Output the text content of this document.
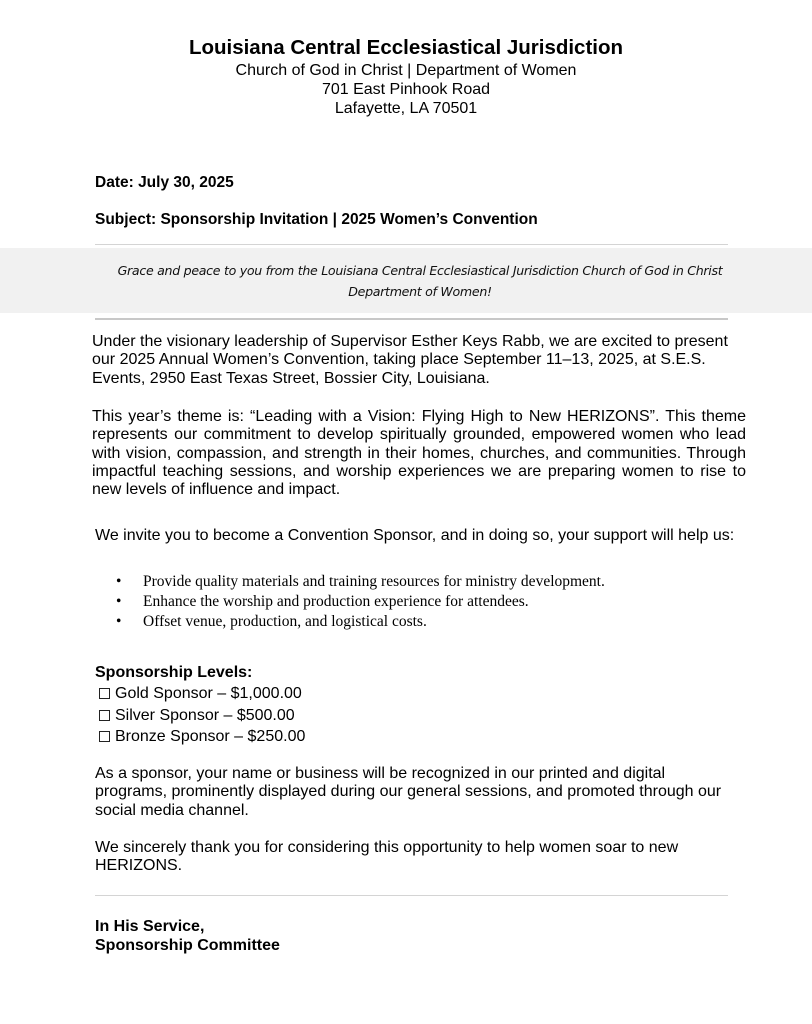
Louisiana Central Ecclesiastical Jurisdiction
Church of God in Christ | Department of Women
701 East Pinhook Road
Lafayette, LA 70501
Date: July 30, 2025
Subject: Sponsorship Invitation | 2025 Women’s Convention
Grace and peace to you from the Louisiana Central Ecclesiastical Jurisdiction Church of God in Christ Department of Women!
Under the visionary leadership of Supervisor Esther Keys Rabb, we are excited to present our 2025 Annual Women’s Convention, taking place September 11–13, 2025, at S.E.S. Events, 2950 East Texas Street, Bossier City, Louisiana.
This year’s theme is: “Leading with a Vision: Flying High to New HERIZONS”. This theme represents our commitment to develop spiritually grounded, empowered women who lead with vision, compassion, and strength in their homes, churches, and communities. Through impactful teaching sessions, and worship experiences we are preparing women to rise to new levels of influence and impact.
We invite you to become a Convention Sponsor, and in doing so, your support will help us:
• Provide quality materials and training resources for ministry development.
• Enhance the worship and production experience for attendees.
• Offset venue, production, and logistical costs.
Sponsorship Levels:
Gold Sponsor – $1,000.00
Silver Sponsor – $500.00
Bronze Sponsor – $250.00
As a sponsor, your name or business will be recognized in our printed and digital programs, prominently displayed during our general sessions, and promoted through our social media channel.
We sincerely thank you for considering this opportunity to help women soar to new HERIZONS.
In His Service,
Sponsorship Committee
